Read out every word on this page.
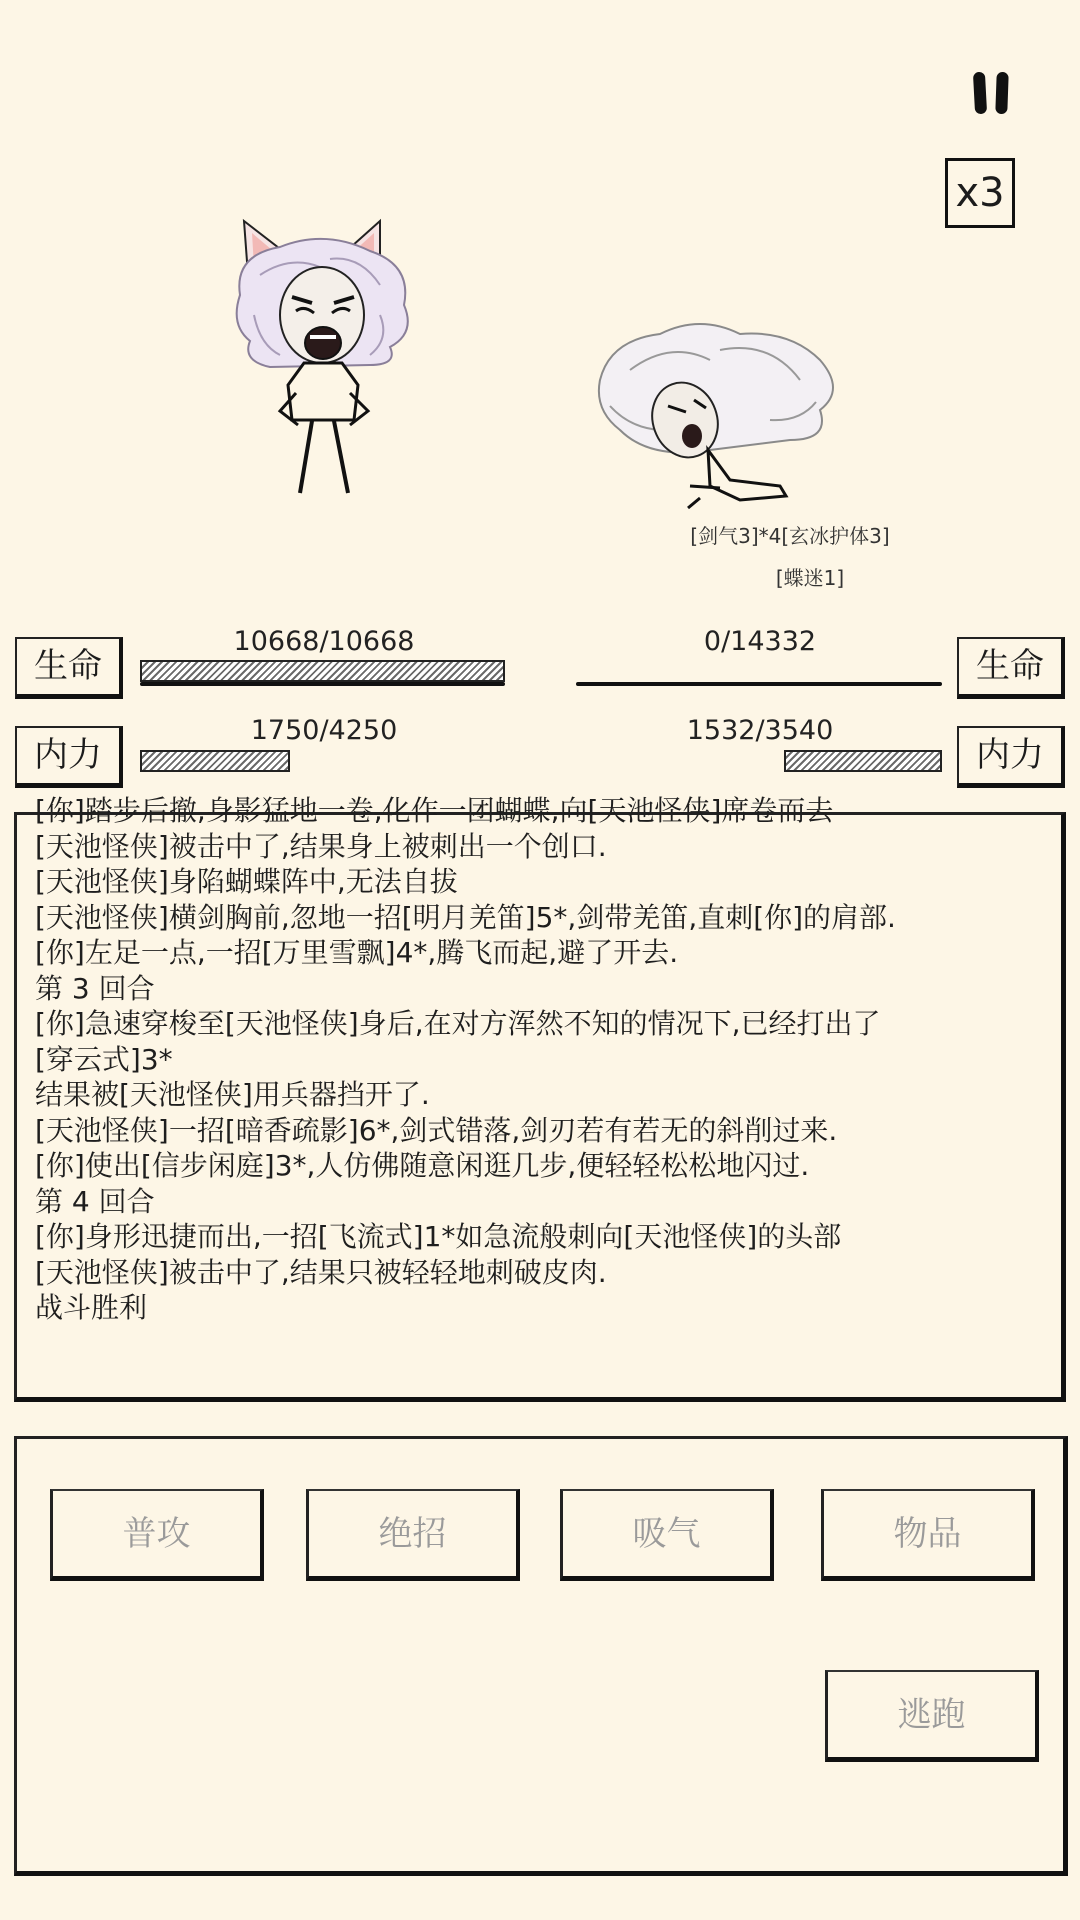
x3
[剑气3]*4[玄冰护体3]
[蝶迷1]
生命
10668/10668
内力
1750/4250
生命
0/14332
内力
1532/3540
[你]踏步后撤,身影猛地一卷,化作一团蝴蝶,向[天池怪侠]席卷而去
[天池怪侠]被击中了,结果身上被刺出一个创口.
[天池怪侠]身陷蝴蝶阵中,无法自拔
[天池怪侠]横剑胸前,忽地一招[明月羌笛]5*,剑带羌笛,直刺[你]的肩部.
[你]左足一点,一招[万里雪飘]4*,腾飞而起,避了开去.
第 3 回合
[你]急速穿梭至[天池怪侠]身后,在对方浑然不知的情况下,已经打出了
[穿云式]3*
结果被[天池怪侠]用兵器挡开了.
[天池怪侠]一招[暗香疏影]6*,剑式错落,剑刃若有若无的斜削过来.
[你]使出[信步闲庭]3*,人仿佛随意闲逛几步,便轻轻松松地闪过.
第 4 回合
[你]身形迅捷而出,一招[飞流式]1*如急流般刺向[天池怪侠]的头部
[天池怪侠]被击中了,结果只被轻轻地刺破皮肉.
战斗胜利
普攻	绝招	吸气	物品
逃跑
